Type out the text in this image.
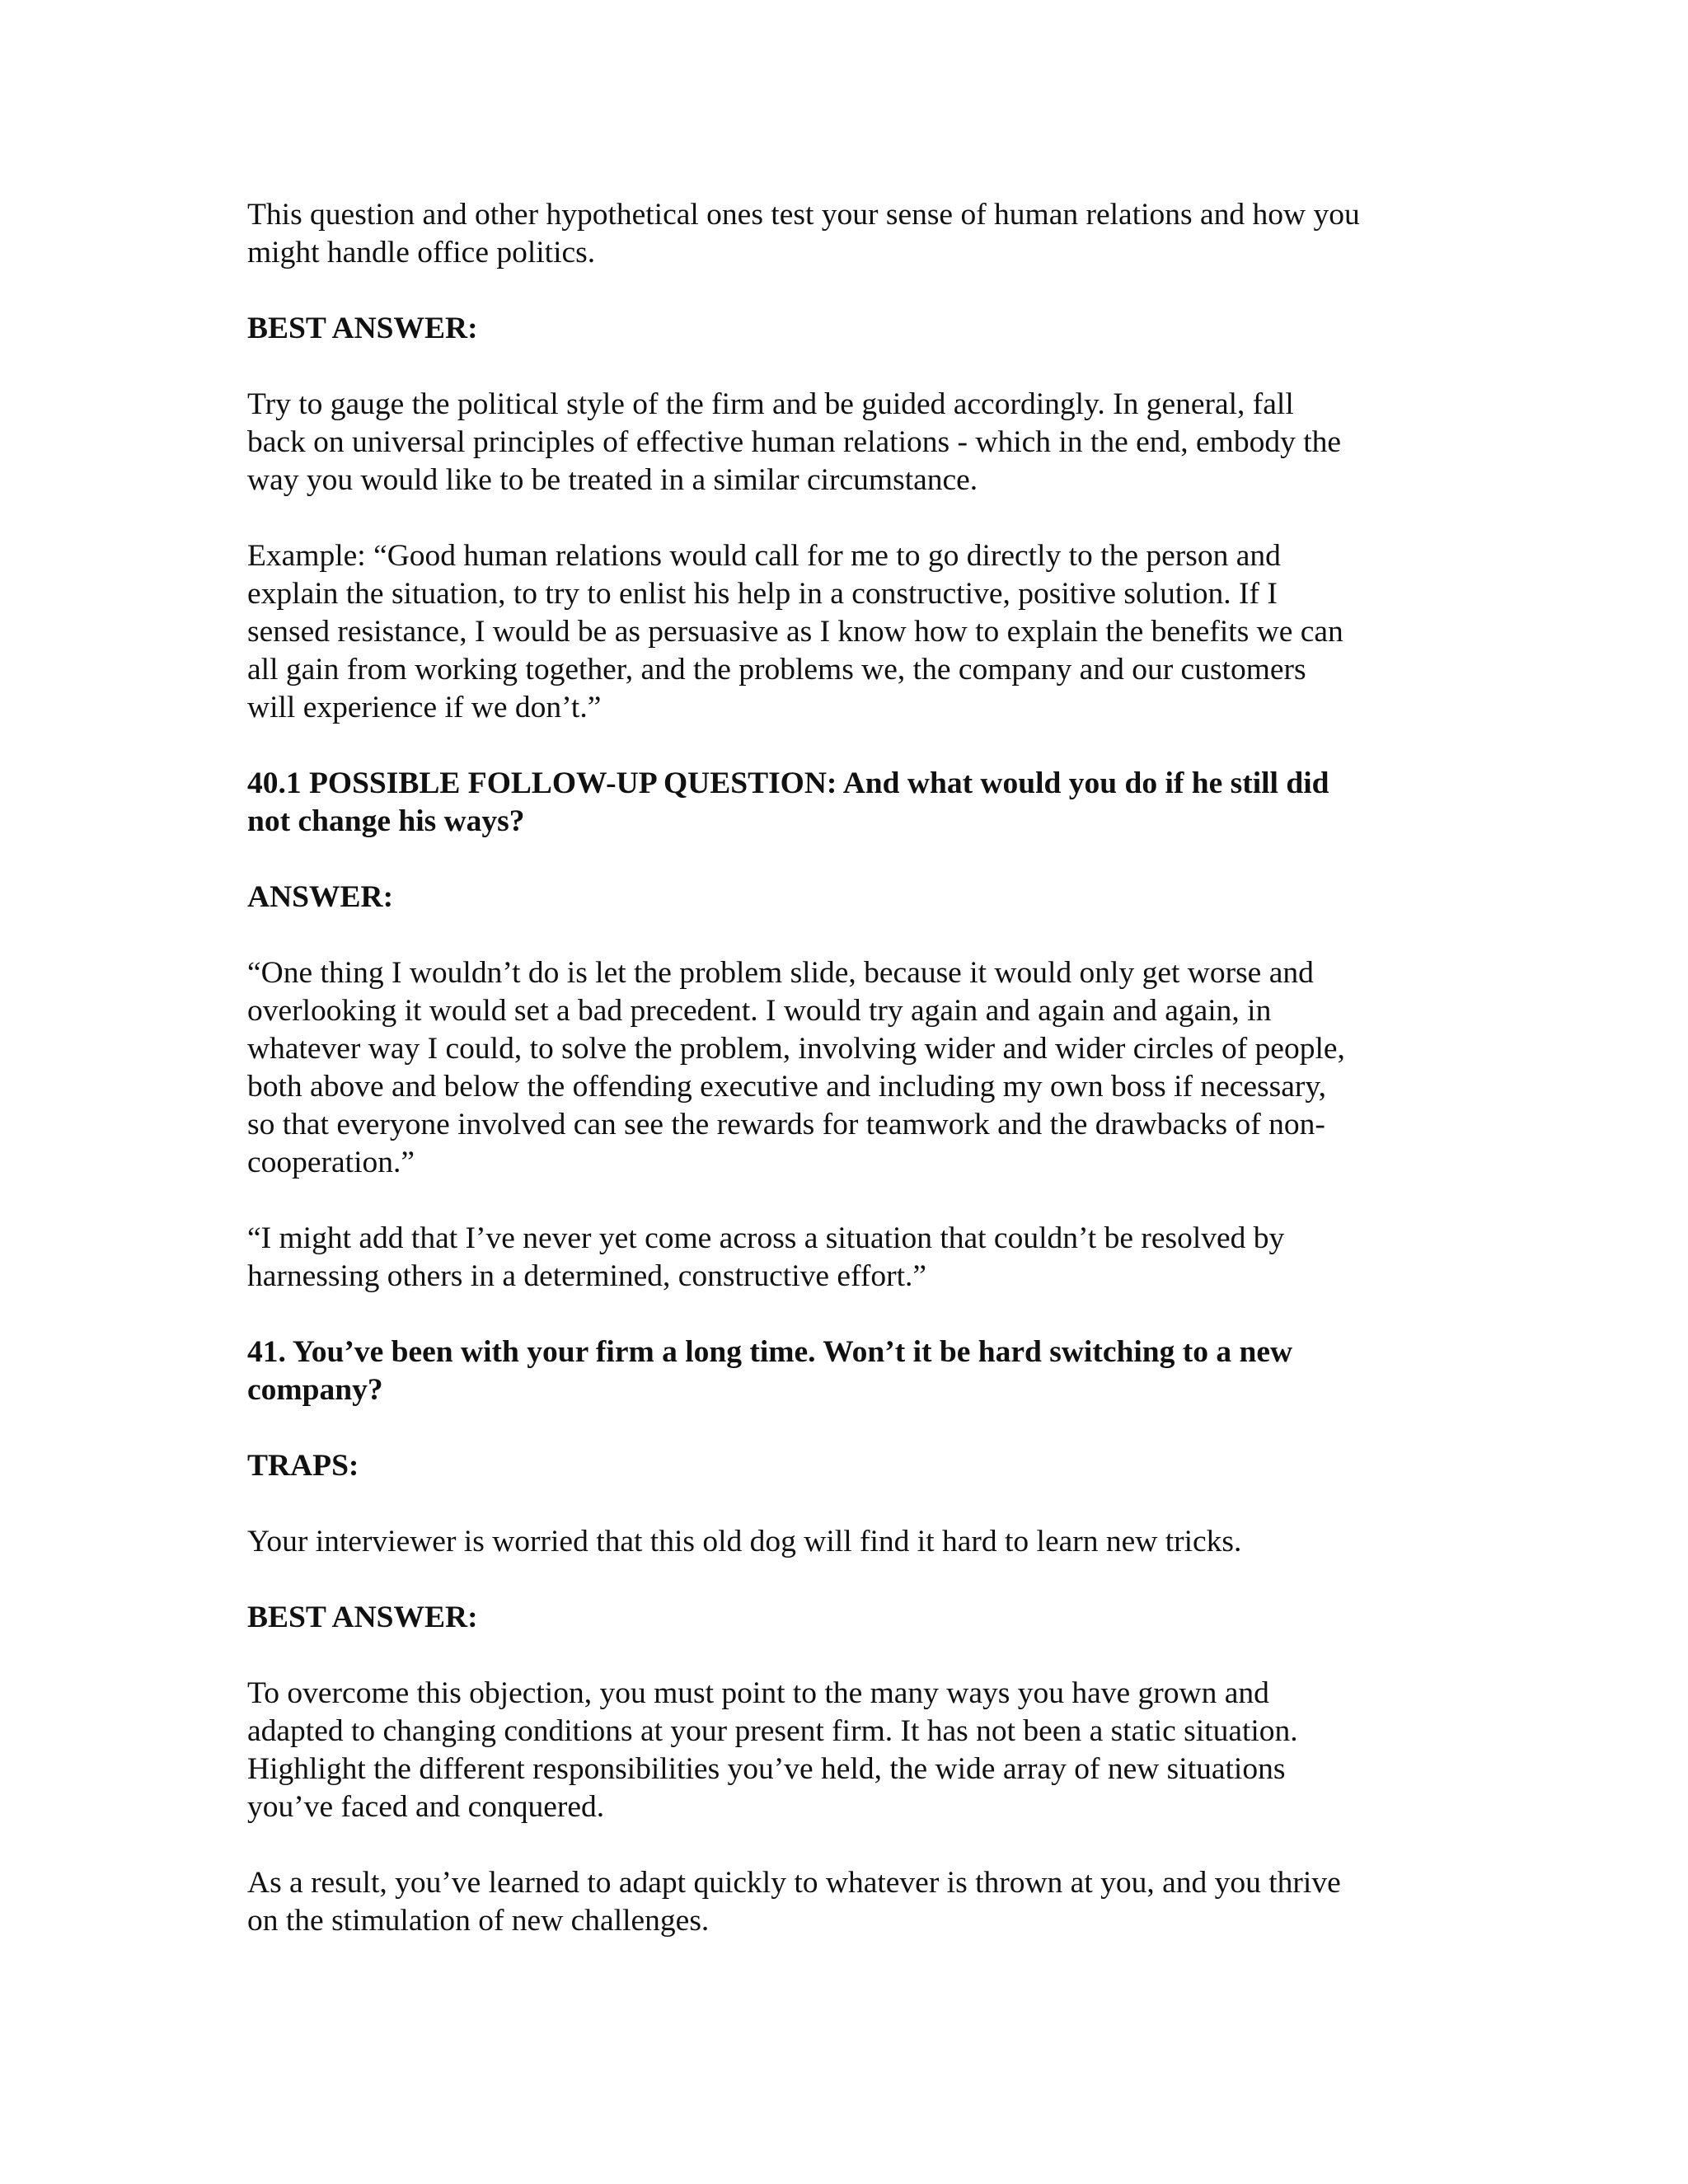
This question and other hypothetical ones test your sense of human relations and how you
might handle office politics.

BEST ANSWER:

Try to gauge the political style of the firm and be guided accordingly. In general, fall
back on universal principles of effective human relations - which in the end, embody the
way you would like to be treated in a similar circumstance.

Example: “Good human relations would call for me to go directly to the person and
explain the situation, to try to enlist his help in a constructive, positive solution. If I
sensed resistance, I would be as persuasive as I know how to explain the benefits we can
all gain from working together, and the problems we, the company and our customers
will experience if we don’t.”

40.1 POSSIBLE FOLLOW-UP QUESTION: And what would you do if he still did
not change his ways?

ANSWER:

“One thing I wouldn’t do is let the problem slide, because it would only get worse and
overlooking it would set a bad precedent. I would try again and again and again, in
whatever way I could, to solve the problem, involving wider and wider circles of people,
both above and below the offending executive and including my own boss if necessary,
so that everyone involved can see the rewards for teamwork and the drawbacks of non-
cooperation.”

“I might add that I’ve never yet come across a situation that couldn’t be resolved by
harnessing others in a determined, constructive effort.”

41. You’ve been with your firm a long time. Won’t it be hard switching to a new
company?

TRAPS:

Your interviewer is worried that this old dog will find it hard to learn new tricks.

BEST ANSWER:

To overcome this objection, you must point to the many ways you have grown and
adapted to changing conditions at your present firm. It has not been a static situation.
Highlight the different responsibilities you’ve held, the wide array of new situations
you’ve faced and conquered.

As a result, you’ve learned to adapt quickly to whatever is thrown at you, and you thrive
on the stimulation of new challenges.
